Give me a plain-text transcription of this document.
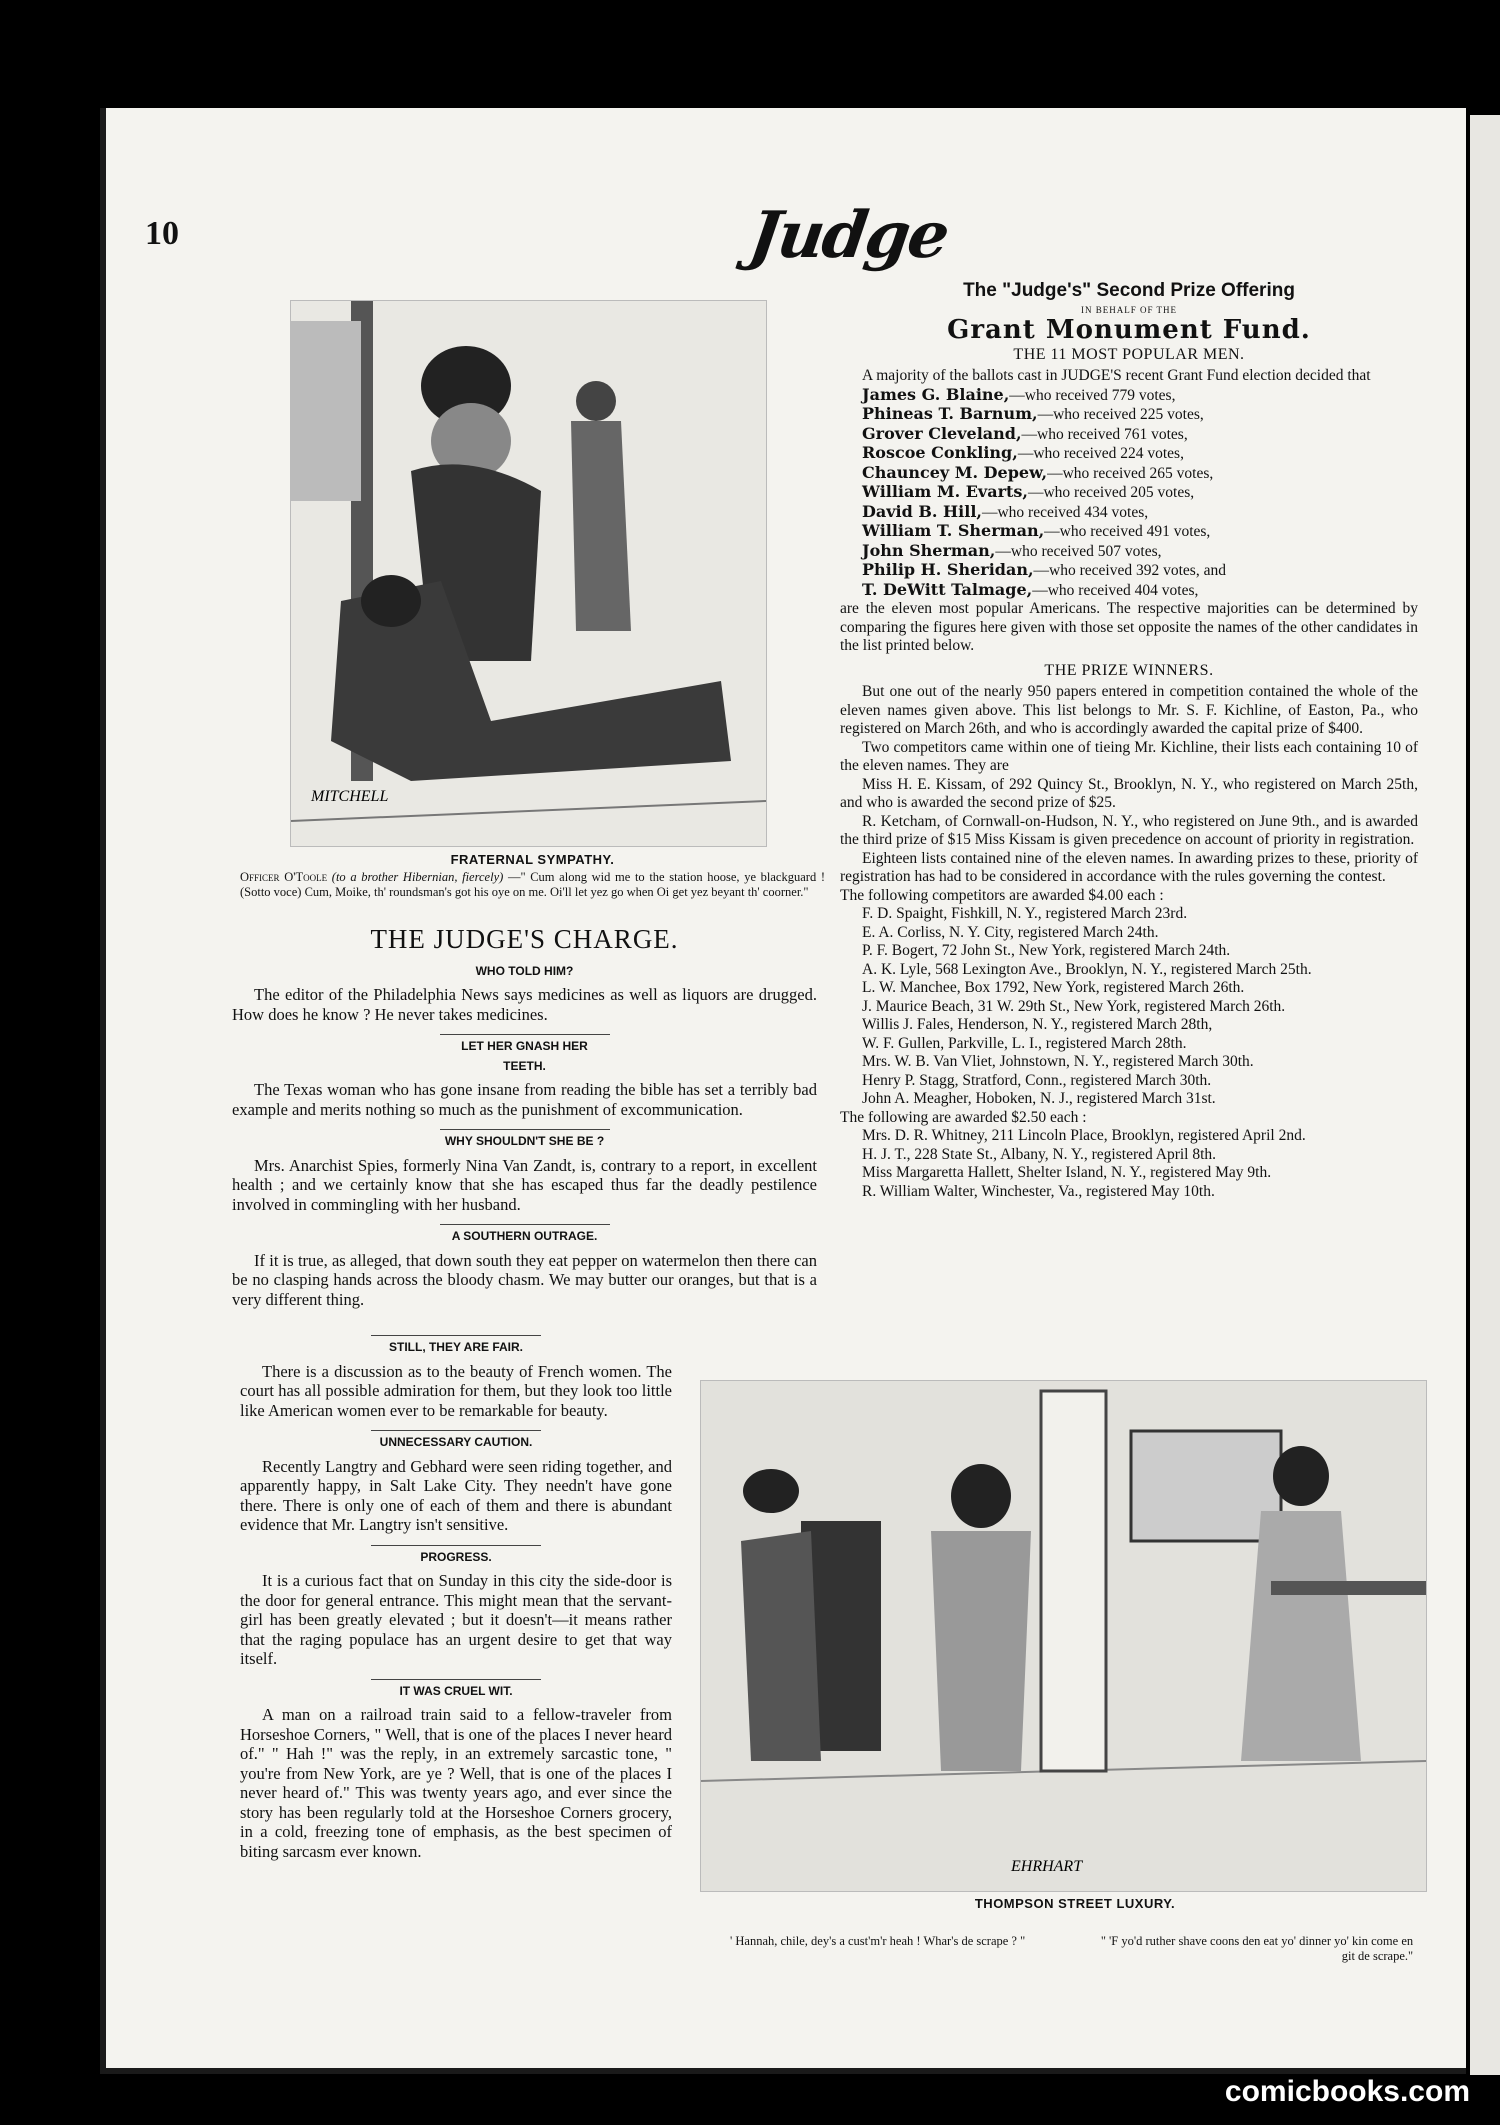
10	Judge
MITCHELL
FRATERNAL SYMPATHY.
Officer O'Toole (to a brother Hibernian, fiercely) —" Cum along wid me to the station hoose, ye blackguard ! (Sotto voce) Cum, Moike, th' roundsman's got his oye on me. Oi'll let yez go when Oi get yez beyant th' coorner."
THE JUDGE'S CHARGE.
WHO TOLD HIM?

The editor of the Philadelphia News says medicines as well as liquors are drugged. How does he know ? He never takes medicines.

LET HER GNASH HER TEETH.

The Texas woman who has gone insane from reading the bible has set a terribly bad example and merits nothing so much as the punishment of excommunication.

WHY SHOULDN'T SHE BE ?

Mrs. Anarchist Spies, formerly Nina Van Zandt, is, contrary to a report, in excellent health ; and we certainly know that she has escaped thus far the deadly pestilence involved in commingling with her husband.

A SOUTHERN OUTRAGE.

If it is true, as alleged, that down south they eat pepper on watermelon then there can be no clasping hands across the bloody chasm. We may butter our oranges, but that is a very different thing.

STILL, THEY ARE FAIR.

There is a discussion as to the beauty of French women. The court has all possible admiration for them, but they look too little like American women ever to be remarkable for beauty.

UNNECESSARY CAUTION.

Recently Langtry and Gebhard were seen riding together, and apparently happy, in Salt Lake City. They needn't have gone there. There is only one of each of them and there is abundant evidence that Mr. Langtry isn't sensitive.

PROGRESS.

It is a curious fact that on Sunday in this city the side-door is the door for general entrance. This might mean that the servant-girl has been greatly elevated ; but it doesn't—it means rather that the raging populace has an urgent desire to get that way itself.

IT WAS CRUEL WIT.

A man on a railroad train said to a fellow-traveler from Horseshoe Corners, " Well, that is one of the places I never heard of." " Hah !" was the reply, in an extremely sarcastic tone, " you're from New York, are ye ? Well, that is one of the places I never heard of." This was twenty years ago, and ever since the story has been regularly told at the Horseshoe Corners grocery, in a cold, freezing tone of emphasis, as the best specimen of biting sarcasm ever known.

The "Judge's" Second Prize Offering
IN BEHALF OF THE
Grant Monument Fund.
THE 11 MOST POPULAR MEN.

A majority of the ballots cast in JUDGE'S recent Grant Fund election decided that

James G. Blaine,—who received 779 votes,
Phineas T. Barnum,—who received 225 votes,
Grover Cleveland,—who received 761 votes,
Roscoe Conkling,—who received 224 votes,
Chauncey M. Depew,—who received 265 votes,
William M. Evarts,—who received 205 votes,
David B. Hill,—who received 434 votes,
William T. Sherman,—who received 491 votes,
John Sherman,—who received 507 votes,
Philip H. Sheridan,—who received 392 votes, and
T. DeWitt Talmage,—who received 404 votes,
are the eleven most popular Americans. The respective majorities can be determined by comparing the figures here given with those set opposite the names of the other candidates in the list printed below.
THE PRIZE WINNERS.

But one out of the nearly 950 papers entered in competition contained the whole of the eleven names given above. This list belongs to Mr. S. F. Kichline, of Easton, Pa., who registered on March 26th, and who is accordingly awarded the capital prize of $400.

Two competitors came within one of tieing Mr. Kichline, their lists each containing 10 of the eleven names. They are

Miss H. E. Kissam, of 292 Quincy St., Brooklyn, N. Y., who registered on March 25th, and who is awarded the second prize of $25.

R. Ketcham, of Cornwall-on-Hudson, N. Y., who registered on June 9th., and is awarded the third prize of $15 Miss Kissam is given precedence on account of priority in registration.

Eighteen lists contained nine of the eleven names. In awarding prizes to these, priority of registration has had to be considered in accordance with the rules governing the contest.

The following competitors are awarded $4.00 each :
F. D. Spaight, Fishkill, N. Y., registered March 23rd.
E. A. Corliss, N. Y. City, registered March 24th.
P. F. Bogert, 72 John St., New York, registered March 24th.
A. K. Lyle, 568 Lexington Ave., Brooklyn, N. Y., registered March 25th.
L. W. Manchee, Box 1792, New York, registered March 26th.
J. Maurice Beach, 31 W. 29th St., New York, registered March 26th.
Willis J. Fales, Henderson, N. Y., registered March 28th,
W. F. Gullen, Parkville, L. I., registered March 28th.
Mrs. W. B. Van Vliet, Johnstown, N. Y., registered March 30th.
Henry P. Stagg, Stratford, Conn., registered March 30th.
John A. Meagher, Hoboken, N. J., registered March 31st.
The following are awarded $2.50 each :
Mrs. D. R. Whitney, 211 Lincoln Place, Brooklyn, registered April 2nd.
H. J. T., 228 State St., Albany, N. Y., registered April 8th.
Miss Margaretta Hallett, Shelter Island, N. Y., registered May 9th.
R. William Walter, Winchester, Va., registered May 10th.
EHRHART
THOMPSON STREET LUXURY.
' Hannah, chile, dey's a cust'm'r heah ! Whar's de scrape ? "	" 'F yo'd ruther shave coons den eat yo' dinner yo' kin come en git de scrape."
comicbooks.com
